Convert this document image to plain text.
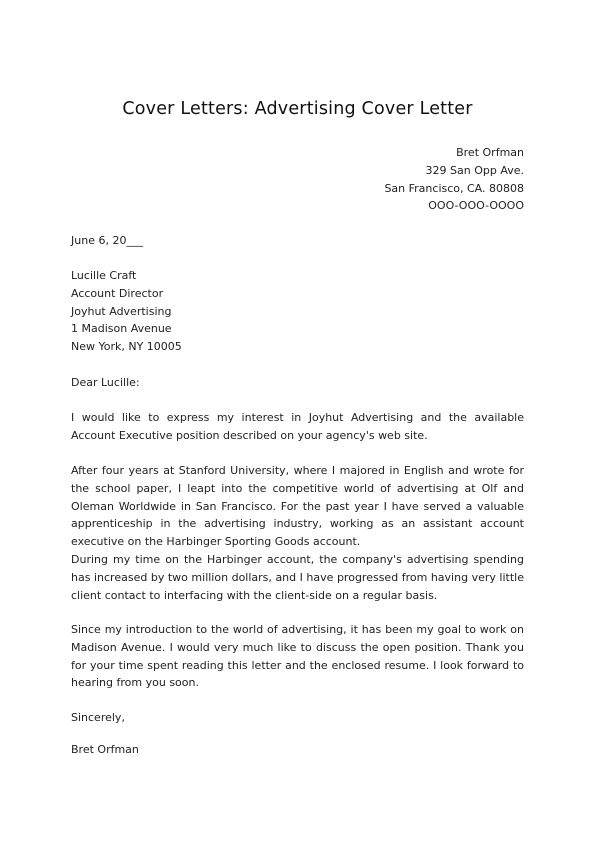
Cover Letters: Advertising Cover Letter
Bret Orfman
329 San Opp Ave.
San Francisco, CA. 80808
OOO-OOO-OOOO
June 6, 20___
Lucille Craft
Account Director
Joyhut Advertising
1 Madison Avenue
New York, NY 10005
Dear Lucille:

I would like to express my interest in Joyhut Advertising and the available Account Executive position described on your agency's web site.

After four years at Stanford University, where I majored in English and wrote for the school paper, I leapt into the competitive world of advertising at Olf and Oleman Worldwide in San Francisco. For the past year I have served a valuable apprenticeship in the advertising industry, working as an assistant account executive on the Harbinger Sporting Goods account.

During my time on the Harbinger account, the company's advertising spending has increased by two million dollars, and I have progressed from having very little client contact to interfacing with the client-side on a regular basis.

Since my introduction to the world of advertising, it has been my goal to work on Madison Avenue. I would very much like to discuss the open position. Thank you for your time spent reading this letter and the enclosed resume. I look forward to hearing from you soon.

Sincerely,
Bret Orfman
